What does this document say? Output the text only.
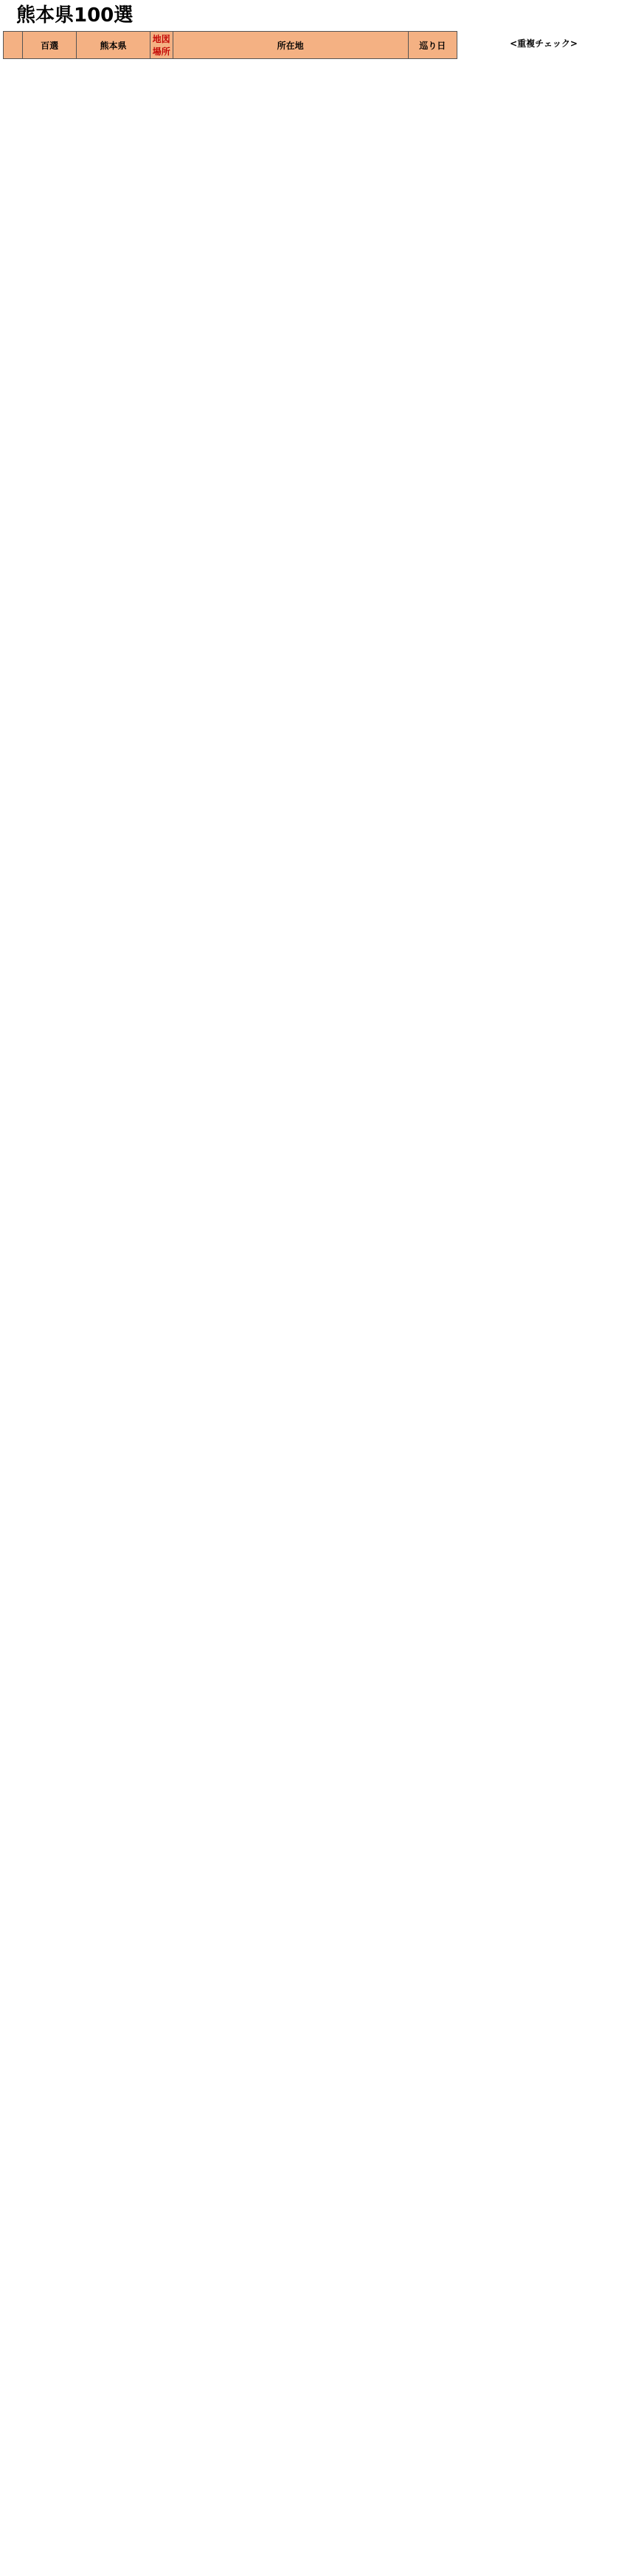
熊本県100選
	百選	熊本県	地図場所	所在地	巡り日	<重複チェック>
